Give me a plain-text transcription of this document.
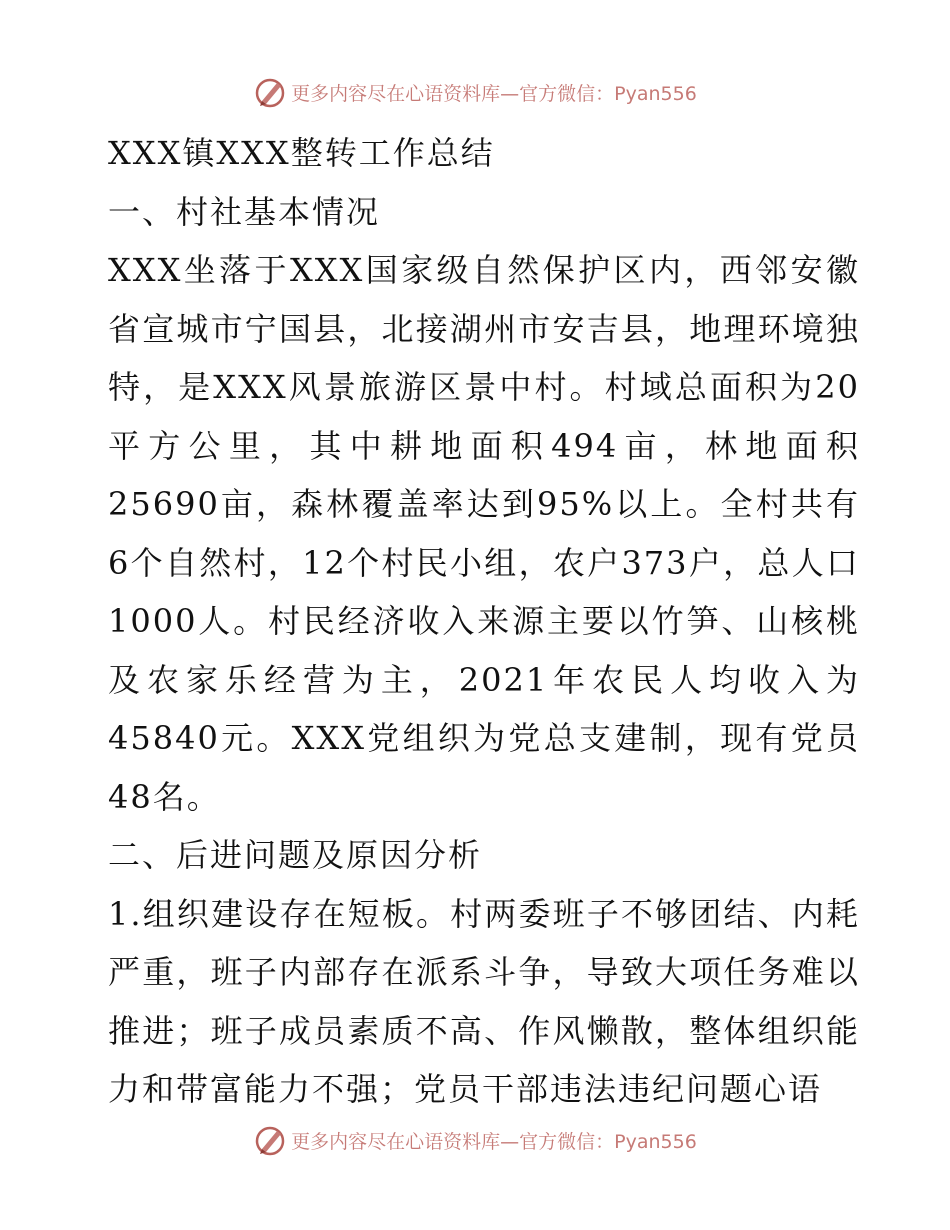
更多内容尽在心语资料库—官方微信：Pyan556

XXX镇XXX整转工作总结

一、村社基本情况

XXX坐落于XXX国家级自然保护区内，西邻安徽省宣城市宁国县，北接湖州市安吉县，地理环境独特，是XXX风景旅游区景中村。村域总面积为20平方公里，其中耕地面积494亩，林地面积25690亩，森林覆盖率达到95%以上。全村共有6个自然村，12个村民小组，农户373户，总人口1000人。村民经济收入来源主要以竹笋、山核桃及农家乐经营为主，2021年农民人均收入为45840元。XXX党组织为党总支建制，现有党员48名。

二、后进问题及原因分析

1.组织建设存在短板。村两委班子不够团结、内耗严重，班子内部存在派系斗争，导致大项任务难以推进；班子成员素质不高、作风懒散，整体组织能力和带富能力不强；党员干部违法违纪问题心语

更多内容尽在心语资料库—官方微信：Pyan556
